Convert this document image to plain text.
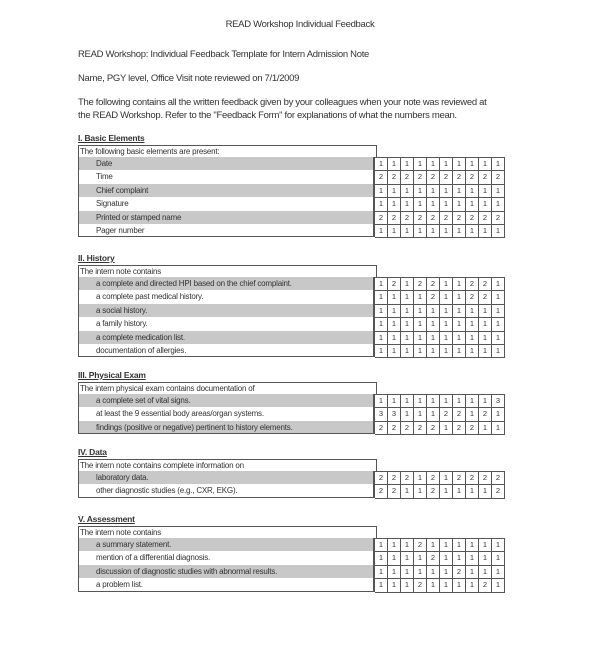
READ Workshop Individual Feedback
READ Workshop: Individual Feedback Template for Intern Admission Note
Name, PGY level, Office Visit note reviewed on 7/1/2009
The following contains all the written feedback given by your colleagues when your note was reviewed at
the READ Workshop. Refer to the "Feedback Form" for explanations of what the numbers mean.
I. Basic Elements
The following basic elements are present:
Date	1	1	1	1	1	1	1	1	1	1
Time	2	2	2	2	2	2	2	2	2	2
Chief complaint	1	1	1	1	1	1	1	1	1	1
Signature	1	1	1	1	1	1	1	1	1	1
Printed or stamped name	2	2	2	2	2	2	2	2	2	2
Pager number	1	1	1	1	1	1	1	1	1	1
II. History
The intern note contains
a complete and directed HPI based on the chief complaint.	1	2	1	2	2	1	1	2	2	1
a complete past medical history.	1	1	1	1	2	1	1	2	2	1
a social history.	1	1	1	1	1	1	1	1	1	1
a family history.	1	1	1	1	1	1	1	1	1	1
a complete medication list.	1	1	1	1	1	1	1	1	1	1
documentation of allergies.	1	1	1	1	1	1	1	1	1	1
III. Physical Exam
The intern physical exam contains documentation of
a complete set of vital signs.	1	1	1	1	1	1	1	1	1	3
at least the 9 essential body areas/organ systems.	3	3	1	1	1	2	2	1	2	1
findings (positive or negative) pertinent to history elements.	2	2	2	2	2	1	2	2	1	1
IV. Data
The intern note contains complete information on
laboratory data.	2	2	2	1	2	1	2	2	2	2
other diagnostic studies (e.g., CXR, EKG).	2	2	1	1	2	1	1	1	1	2
V. Assessment
The intern note contains
a summary statement.	1	1	1	2	1	1	1	1	1	1
mention of a differential diagnosis.	1	1	1	1	2	1	1	1	1	1
discussion of diagnostic studies with abnormal results.	1	1	1	1	1	1	2	1	1	1
a problem list.	1	1	1	2	1	1	1	1	2	1
